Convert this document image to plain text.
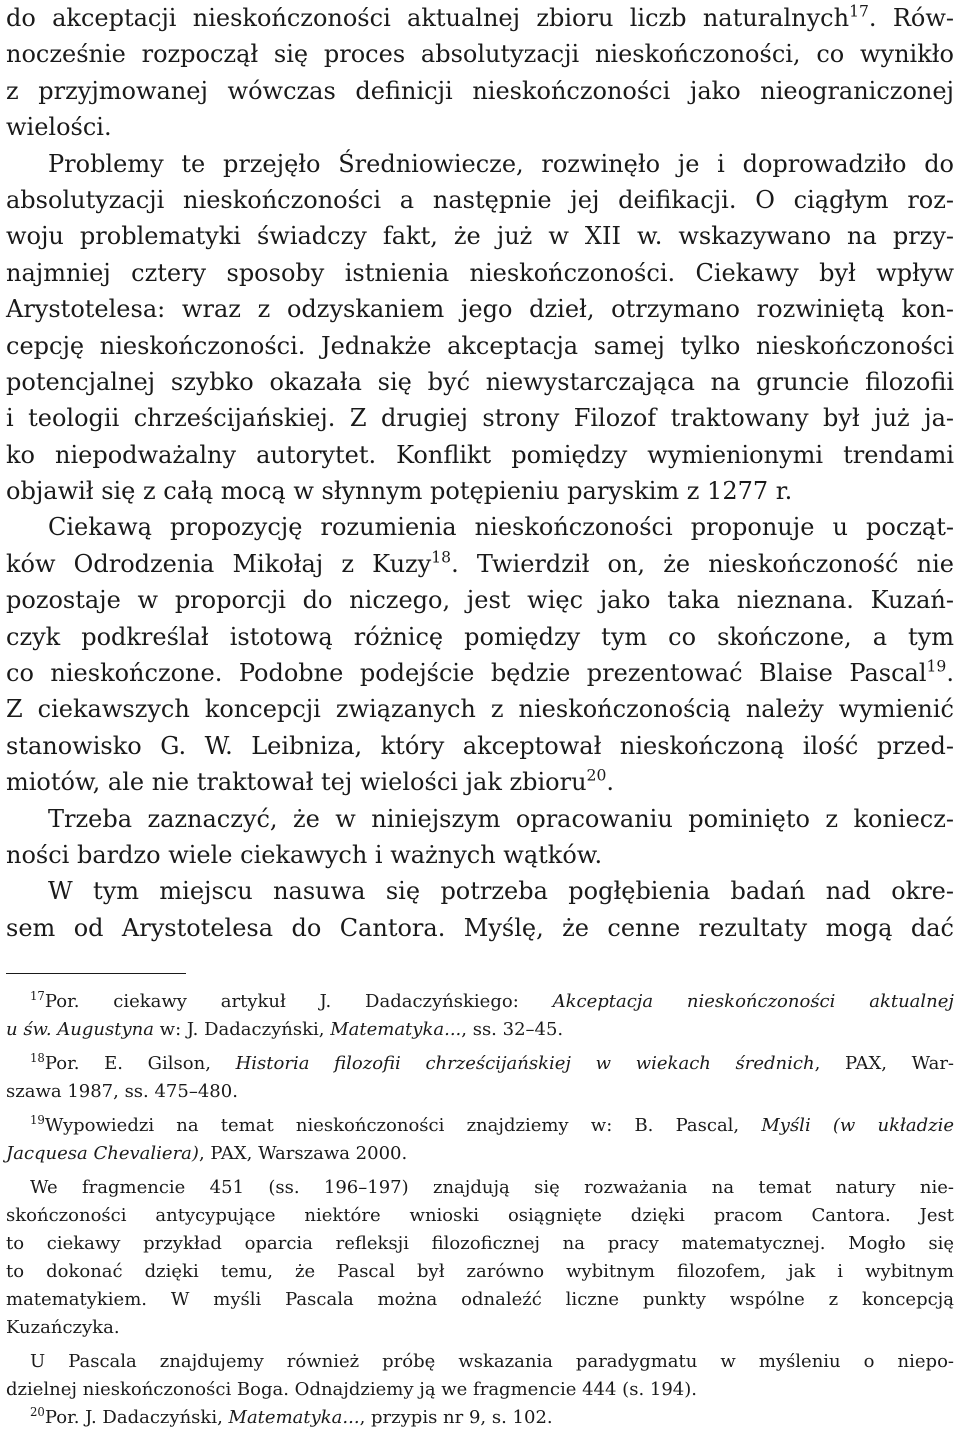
do akceptacji nieskończoności aktualnej zbioru liczb naturalnych$^{17}$. Rów-
nocześnie rozpoczął się proces absolutyzacji nieskończoności, co wynikło
z przyjmowanej wówczas definicji nieskończoności jako nieograniczonej
wielości.
Problemy te przejęło Średniowiecze, rozwinęło je i doprowadziło do
absolutyzacji nieskończoności a następnie jej deifikacji. O ciągłym roz-
woju problematyki świadczy fakt, że już w XII w. wskazywano na przy-
najmniej cztery sposoby istnienia nieskończoności. Ciekawy był wpływ
Arystotelesa: wraz z odzyskaniem jego dzieł, otrzymano rozwiniętą kon-
cepcję nieskończoności. Jednakże akceptacja samej tylko nieskończoności
potencjalnej szybko okazała się być niewystarczająca na gruncie filozofii
i teologii chrześcijańskiej. Z drugiej strony Filozof traktowany był już ja-
ko niepodważalny autorytet. Konflikt pomiędzy wymienionymi trendami
objawił się z całą mocą w słynnym potępieniu paryskim z 1277 r.
Ciekawą propozycję rozumienia nieskończoności proponuje u począt-
ków Odrodzenia Mikołaj z Kuzy$^{18}$. Twierdził on, że nieskończoność nie
pozostaje w proporcji do niczego, jest więc jako taka nieznana. Kuzań-
czyk podkreślał istotową różnicę pomiędzy tym co skończone, a tym
co nieskończone. Podobne podejście będzie prezentować Blaise Pascal$^{19}$.
Z ciekawszych koncepcji związanych z nieskończonością należy wymienić
stanowisko G. W. Leibniza, który akceptował nieskończoną ilość przed-
miotów, ale nie traktował tej wielości jak zbioru$^{20}$.
Trzeba zaznaczyć, że w niniejszym opracowaniu pominięto z koniecz-
ności bardzo wiele ciekawych i ważnych wątków.
W tym miejscu nasuwa się potrzeba pogłębienia badań nad okre-
sem od Arystotelesa do Cantora. Myślę, że cenne rezultaty mogą dać
$^{17}$Por. ciekawy artykuł J. Dadaczyńskiego: Akceptacja nieskończoności aktualnej
u św. Augustyna w: J. Dadaczyński, Matematyka..., ss. 32–45.
$^{18}$Por. E. Gilson, Historia filozofii chrześcijańskiej w wiekach średnich, PAX, War-
szawa 1987, ss. 475–480.
$^{19}$Wypowiedzi na temat nieskończoności znajdziemy w: B. Pascal, Myśli (w układzie
Jacquesa Chevaliera), PAX, Warszawa 2000.
We fragmencie 451 (ss. 196–197) znajdują się rozważania na temat natury nie-
skończoności antycypujące niektóre wnioski osiągnięte dzięki pracom Cantora. Jest
to ciekawy przykład oparcia refleksji filozoficznej na pracy matematycznej. Mogło się
to dokonać dzięki temu, że Pascal był zarówno wybitnym filozofem, jak i wybitnym
matematykiem. W myśli Pascala można odnaleźć liczne punkty wspólne z koncepcją
Kuzańczyka.
U Pascala znajdujemy również próbę wskazania paradygmatu w myśleniu o niepo-
dzielnej nieskończoności Boga. Odnajdziemy ją we fragmencie 444 (s. 194).
$^{20}$Por. J. Dadaczyński, Matematyka..., przypis nr 9, s. 102.
